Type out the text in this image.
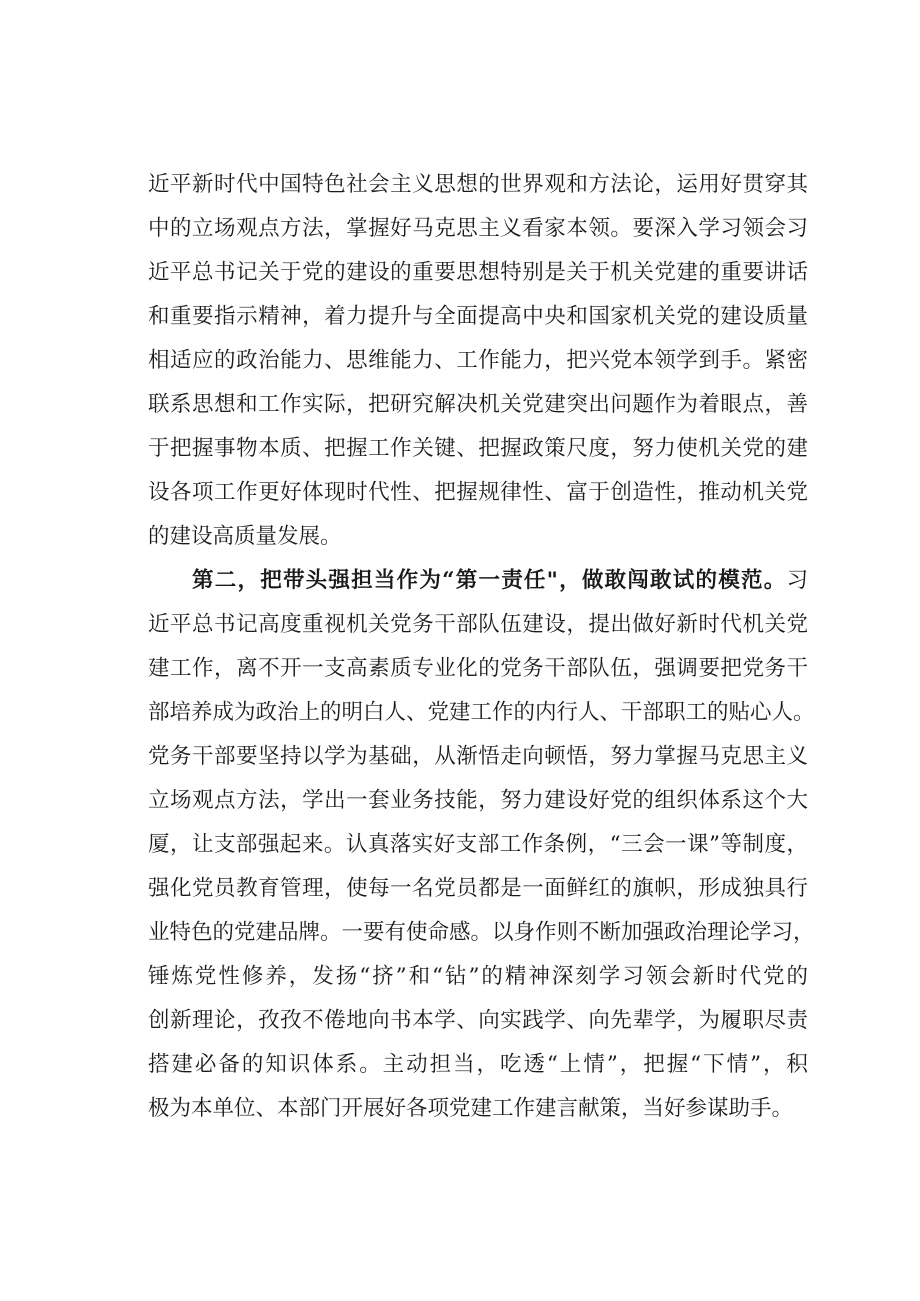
近平新时代中国特色社会主义思想的世界观和方法论，运用好贯穿其
中的立场观点方法，掌握好马克思主义看家本领。要深入学习领会习
近平总书记关于党的建设的重要思想特别是关于机关党建的重要讲话
和重要指示精神，着力提升与全面提高中央和国家机关党的建设质量
相适应的政治能力、思维能力、工作能力，把兴党本领学到手。紧密
联系思想和工作实际，把研究解决机关党建突出问题作为着眼点，善
于把握事物本质、把握工作关键、把握政策尺度，努力使机关党的建
设各项工作更好体现时代性、把握规律性、富于创造性，推动机关党
的建设高质量发展。
第二，把带头强担当作为“第一责任"，做敢闯敢试的模范。习
近平总书记高度重视机关党务干部队伍建设，提出做好新时代机关党
建工作，离不开一支高素质专业化的党务干部队伍，强调要把党务干
部培养成为政治上的明白人、党建工作的内行人、干部职工的贴心人。
党务干部要坚持以学为基础，从渐悟走向顿悟，努力掌握马克思主义
立场观点方法，学出一套业务技能，努力建设好党的组织体系这个大
厦，让支部强起来。认真落实好支部工作条例，“三会一课”等制度，
强化党员教育管理，使每一名党员都是一面鲜红的旗帜，形成独具行
业特色的党建品牌。一要有使命感。以身作则不断加强政治理论学习，
锤炼党性修养，发扬“挤”和“钻”的精神深刻学习领会新时代党的
创新理论，孜孜不倦地向书本学、向实践学、向先辈学，为履职尽责
搭建必备的知识体系。主动担当，吃透“上情”，把握“下情”，积
极为本单位、本部门开展好各项党建工作建言献策，当好参谋助手。
